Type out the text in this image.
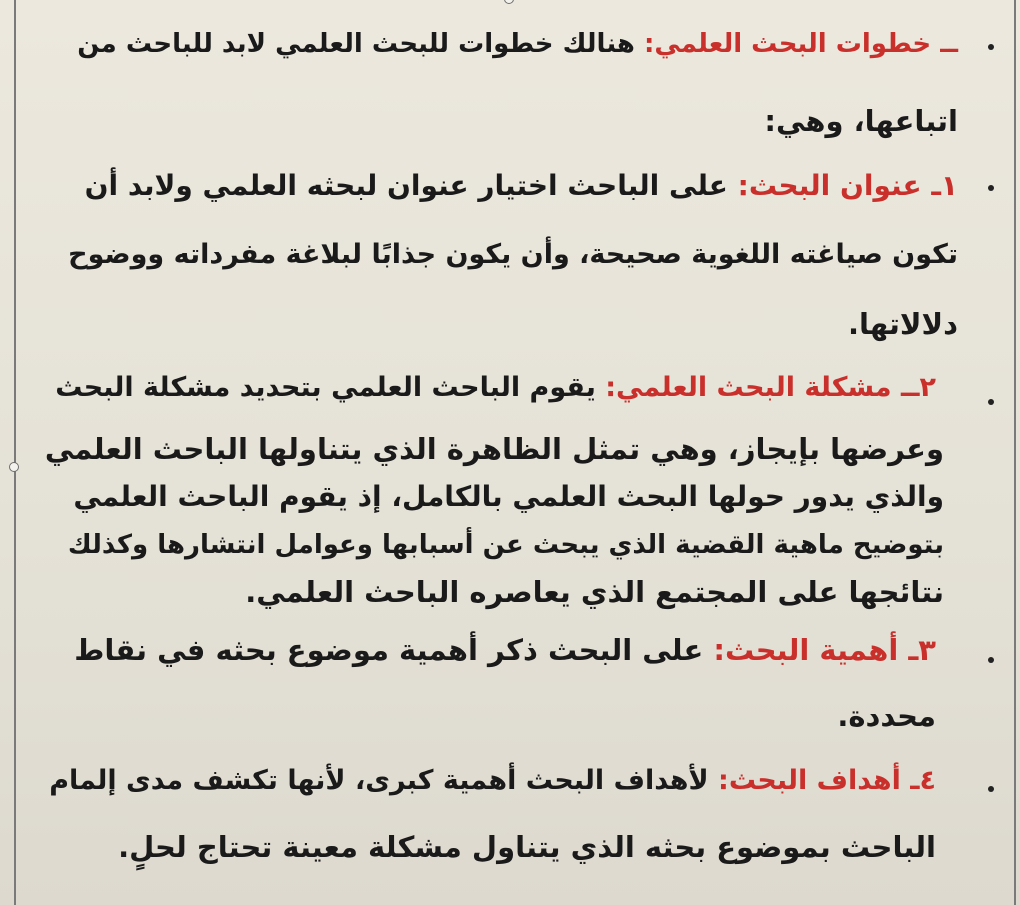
ــ خطوات البحث العلمي: هنالك خطوات للبحث العلمي لابد للباحث من
اتباعها، وهي:
١ـ عنوان البحث: على الباحث اختيار عنوان لبحثه العلمي ولابد أن
تكون صياغته اللغوية صحيحة، وأن يكون جذابًا لبلاغة مفرداته ووضوح
دلالاتها.
٢ــ مشكلة البحث العلمي: يقوم الباحث العلمي بتحديد مشكلة البحث
وعرضها بإيجاز، وهي تمثل الظاهرة الذي يتناولها الباحث العلمي
والذي يدور حولها البحث العلمي بالكامل، إذ يقوم الباحث العلمي
بتوضيح ماهية القضية الذي يبحث عن أسبابها وعوامل انتشارها وكذلك
نتائجها على المجتمع الذي يعاصره الباحث العلمي.
٣ـ أهمية البحث: على البحث ذكر أهمية موضوع بحثه في نقاط
محددة.
٤ـ أهداف البحث: لأهداف البحث أهمية كبرى، لأنها تكشف مدى إلمام
الباحث بموضوع بحثه الذي يتناول مشكلة معينة تحتاج لحلٍ.
